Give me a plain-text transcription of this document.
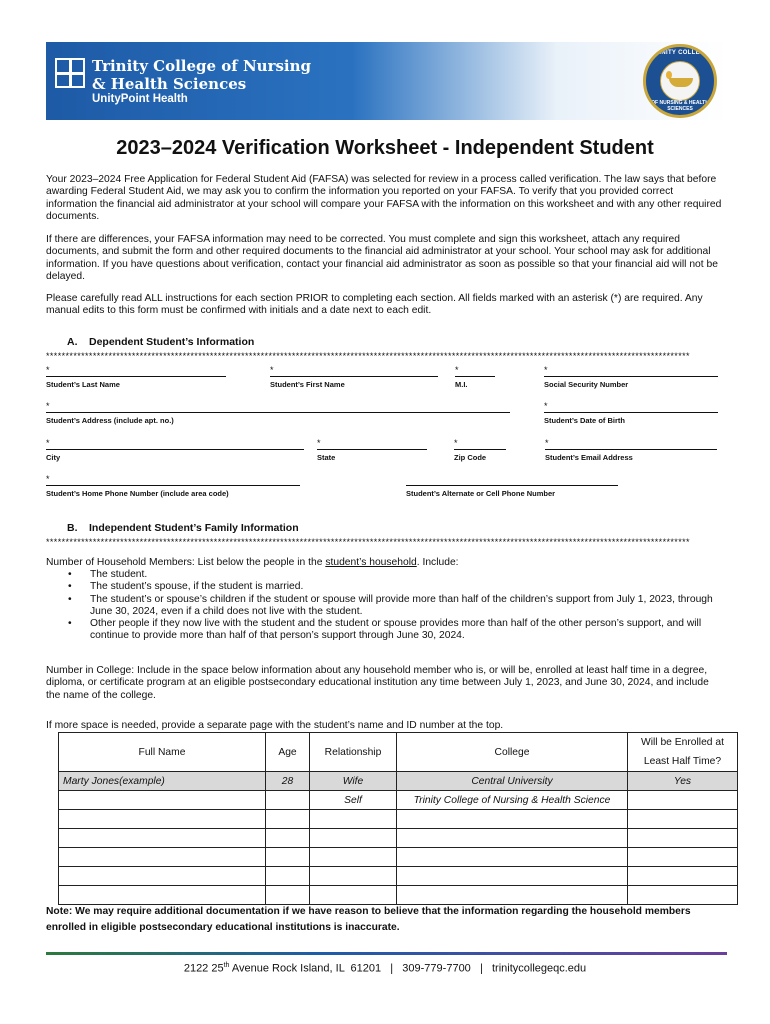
Trinity College of Nursing
& Health Sciences
UnityPoint Health
TRINITY COLLEGE
OF NURSING & HEALTH SCIENCES
2023–2024 Verification Worksheet - Independent Student
Your 2023–2024 Free Application for Federal Student Aid (FAFSA) was selected for review in a process called verification. The law says that before awarding Federal Student Aid, we may ask you to confirm the information you reported on your FAFSA. To verify that you provided correct information the financial aid administrator at your school will compare your FAFSA with the information on this worksheet and with any other required documents.
If there are differences, your FAFSA information may need to be corrected. You must complete and sign this worksheet, attach any required documents, and submit the form and other required documents to the financial aid administrator at your school. Your school may ask for additional information. If you have questions about verification, contact your financial aid administrator as soon as possible so that your financial aid will not be delayed.
Please carefully read ALL instructions for each section PRIOR to completing each section. All fields marked with an asterisk (*) are required. Any manual edits to this form must be confirmed with initials and a date next to each edit.
A. Dependent Student’s Information
*********************************************************************************************************************************************************************
*
Student’s Last Name
*
Student’s First Name
*
M.I.
*
Social Security Number
*
Student’s Address (include apt. no.)
*
Student’s Date of Birth
*
City
*
State
*
Zip Code
*
Student’s Email Address
*
Student’s Home Phone Number (include area code)	Student’s Alternate or Cell Phone Number
B. Independent Student’s Family Information
*********************************************************************************************************************************************************************
Number of Household Members: List below the people in the student’s household. Include:
• The student.
• The student’s spouse, if the student is married.
• The student’s or spouse’s children if the student or spouse will provide more than half of the children’s support from July 1, 2023, through June 30, 2024, even if a child does not live with the student.
• Other people if they now live with the student and the student or spouse provides more than half of the other person’s support, and will continue to provide more than half of that person’s support through June 30, 2024.
Number in College: Include in the space below information about any household member who is, or will be, enrolled at least half time in a degree, diploma, or certificate program at an eligible postsecondary educational institution any time between July 1, 2023, and June 30, 2024, and include the name of the college.
If more space is needed, provide a separate page with the student’s name and ID number at the top.
Full Name	Age	Relationship	College	Will be Enrolled at Least Half Time?
Marty Jones(example)	28	Wife	Central University	Yes
		Self	Trinity College of Nursing & Health Science	

Note: We may require additional documentation if we have reason to believe that the information regarding the household members enrolled in eligible postsecondary educational institutions is inaccurate.
2122 25th Avenue Rock Island, IL  61201   |   309-779-7700   |   trinitycollegeqc.edu
